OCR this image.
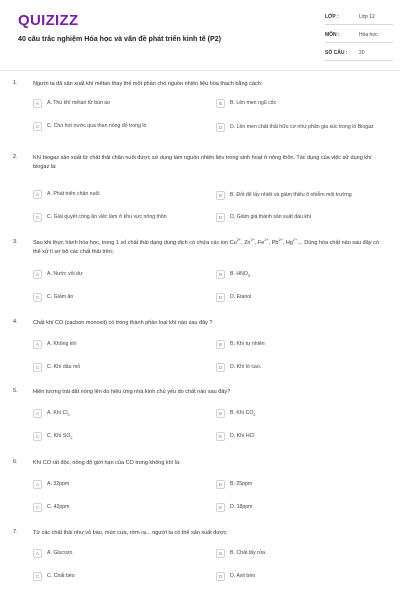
QUIZIZZ
40 câu trắc nghiệm Hóa học và vấn đề phát triển kinh tế (P2)
LỚP :	Lớp 12
MÔN :	Hóa học
SỐ CÂU :	20
1.	Người ta đã sản xuất khí mêtan thay thế một phần cho nguồn nhiên liệu hóa thạch bằng cách:
A	A. Thu khí mêtan từ bùn ao	B	B. Lên men ngũ cốc
C	C. Cho hơi nước qua than nóng đỏ trong lò	D	D. Lên men chất thải hữu cơ như phân gia súc trong lò Biogaz
2.	Khí biogaz sản xuất từ chất thải chăn nuôi được sử dụng làm nguồn nhiên liệu trong sinh hoạt ở nông thôn. Tác dụng của việc sử dụng khí biogaz là:
A	A. Phát triển chăn nuôi	B	B. Đốt để lấy nhiệt và giảm thiểu ô nhiễm môi trường
C	C. Giải quyết công ăn việc làm ở khu vực nông thôn	D	D. Giảm giá thành sản xuất dầu khí
3.	Sau khi thực hành hóa học, trong 1 số chất thải dạng dung dịch có chứa các ion $Cu^{2+}$, $Zn^{2+}$, $Fe^{2+}$, $Pb^{2+}$, $Hg^{2+}\dots$ Dùng hóa chất nào sau đây có thể xử lí sơ bộ các chất thải trên:
A	A. Nước vôi dư	B	B. $HNO_3$
C	C. Giấm ăn	D	D. Etanol
4.	Chất khí CO (cacbon monoxit) có trong thành phần loại khí nào sau đây ?
A	A. Không khí	B	B. Khí tự nhiên
C	C. Khí dầu mỏ	D	D. Khí lò cao.
5.	Hiện tượng trái đất nóng lên do hiệu ứng nhà kính chủ yếu do chất nào sau đây?
A	A. Khí $Cl_2$	B	B. Khí $CO_2$
C	C. Khí $SO_2$	D	D. Khí HCl
6.	Khí CO rất độc, nồng độ giới hạn của CO trong không khí là:
A	A. 32ppm	B	B. 25ppm
C	C. 42ppm	D	D. 18ppm
7.	Từ các chất thải như vỏ bào, mùn cưa, rơm rạ... người ta có thể sản xuất được:
A	A. Glucozo	B	B. Chất tẩy rửa
C	C. Chất béo	D	D. Axit béo
